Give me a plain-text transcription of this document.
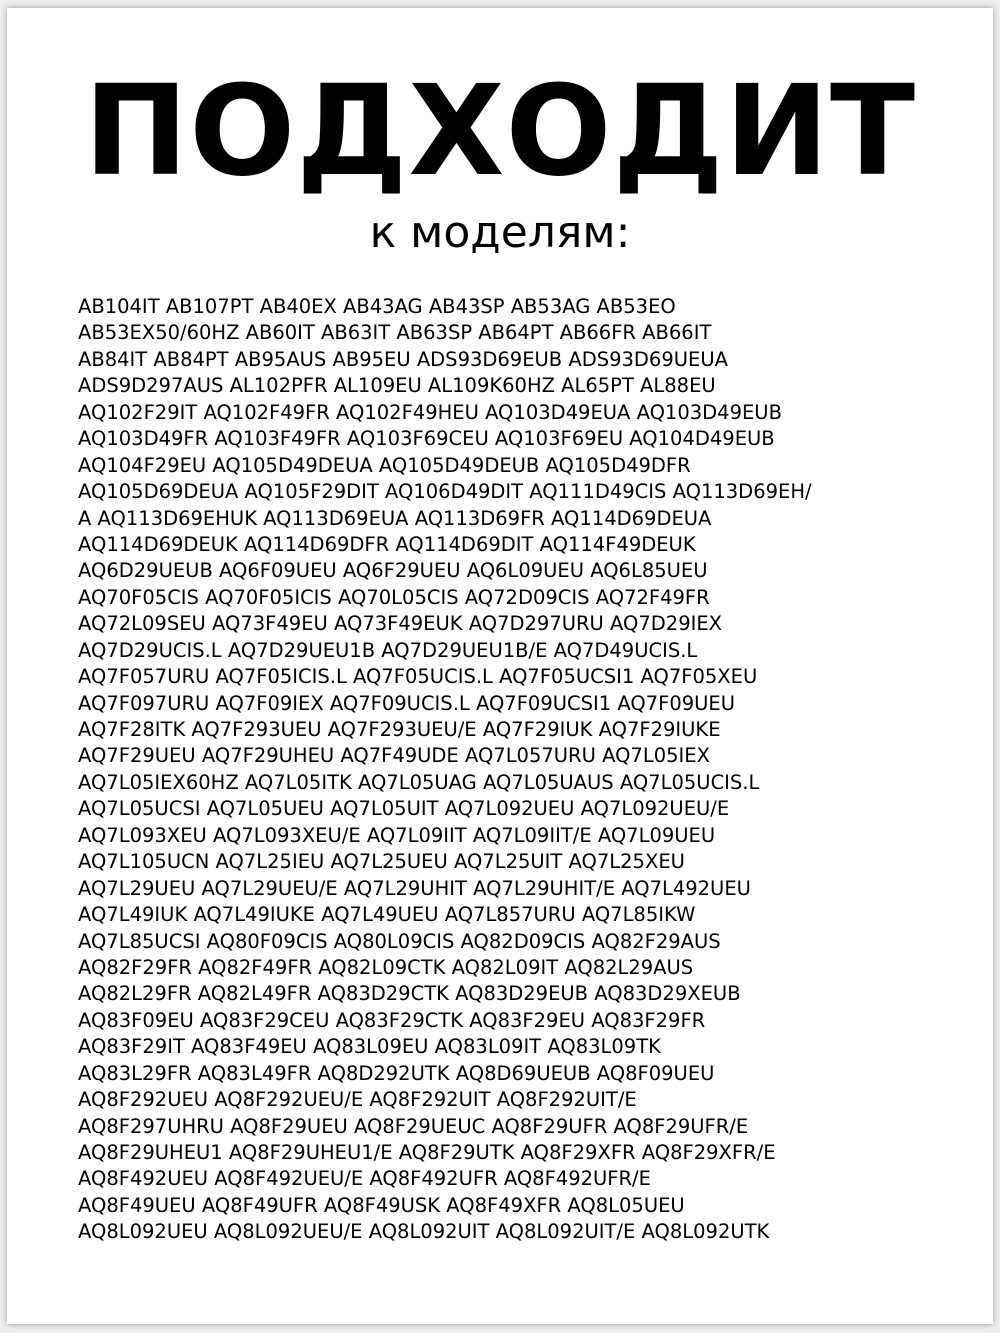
ПОДХОДИТ
к моделям:
AB104IT AB107PT AB40EX AB43AG AB43SP AB53AG AB53EO
AB53EX50/60HZ AB60IT AB63IT AB63SP AB64PT AB66FR AB66IT
AB84IT AB84PT AB95AUS AB95EU ADS93D69EUB ADS93D69UEUA
ADS9D297AUS AL102PFR AL109EU AL109K60HZ AL65PT AL88EU
AQ102F29IT AQ102F49FR AQ102F49HEU AQ103D49EUA AQ103D49EUB
AQ103D49FR AQ103F49FR AQ103F69CEU AQ103F69EU AQ104D49EUB
AQ104F29EU AQ105D49DEUA AQ105D49DEUB AQ105D49DFR
AQ105D69DEUA AQ105F29DIT AQ106D49DIT AQ111D49CIS AQ113D69EH/
A AQ113D69EHUK AQ113D69EUA AQ113D69FR AQ114D69DEUA
AQ114D69DEUK AQ114D69DFR AQ114D69DIT AQ114F49DEUK
AQ6D29UEUB AQ6F09UEU AQ6F29UEU AQ6L09UEU AQ6L85UEU
AQ70F05CIS AQ70F05ICIS AQ70L05CIS AQ72D09CIS AQ72F49FR
AQ72L09SEU AQ73F49EU AQ73F49EUK AQ7D297URU AQ7D29IEX
AQ7D29UCIS.L AQ7D29UEU1B AQ7D29UEU1B/E AQ7D49UCIS.L
AQ7F057URU AQ7F05ICIS.L AQ7F05UCIS.L AQ7F05UCSI1 AQ7F05XEU
AQ7F097URU AQ7F09IEX AQ7F09UCIS.L AQ7F09UCSI1 AQ7F09UEU
AQ7F28ITK AQ7F293UEU AQ7F293UEU/E AQ7F29IUK AQ7F29IUKE
AQ7F29UEU AQ7F29UHEU AQ7F49UDE AQ7L057URU AQ7L05IEX
AQ7L05IEX60HZ AQ7L05ITK AQ7L05UAG AQ7L05UAUS AQ7L05UCIS.L
AQ7L05UCSI AQ7L05UEU AQ7L05UIT AQ7L092UEU AQ7L092UEU/E
AQ7L093XEU AQ7L093XEU/E AQ7L09IIT AQ7L09IIT/E AQ7L09UEU
AQ7L105UCN AQ7L25IEU AQ7L25UEU AQ7L25UIT AQ7L25XEU
AQ7L29UEU AQ7L29UEU/E AQ7L29UHIT AQ7L29UHIT/E AQ7L492UEU
AQ7L49IUK AQ7L49IUKE AQ7L49UEU AQ7L857URU AQ7L85IKW
AQ7L85UCSI AQ80F09CIS AQ80L09CIS AQ82D09CIS AQ82F29AUS
AQ82F29FR AQ82F49FR AQ82L09CTK AQ82L09IT AQ82L29AUS
AQ82L29FR AQ82L49FR AQ83D29CTK AQ83D29EUB AQ83D29XEUB
AQ83F09EU AQ83F29CEU AQ83F29CTK AQ83F29EU AQ83F29FR
AQ83F29IT AQ83F49EU AQ83L09EU AQ83L09IT AQ83L09TK
AQ83L29FR AQ83L49FR AQ8D292UTK AQ8D69UEUB AQ8F09UEU
AQ8F292UEU AQ8F292UEU/E AQ8F292UIT AQ8F292UIT/E
AQ8F297UHRU AQ8F29UEU AQ8F29UEUC AQ8F29UFR AQ8F29UFR/E
AQ8F29UHEU1 AQ8F29UHEU1/E AQ8F29UTK AQ8F29XFR AQ8F29XFR/E
AQ8F492UEU AQ8F492UEU/E AQ8F492UFR AQ8F492UFR/E
AQ8F49UEU AQ8F49UFR AQ8F49USK AQ8F49XFR AQ8L05UEU
AQ8L092UEU AQ8L092UEU/E AQ8L092UIT AQ8L092UIT/E AQ8L092UTK
